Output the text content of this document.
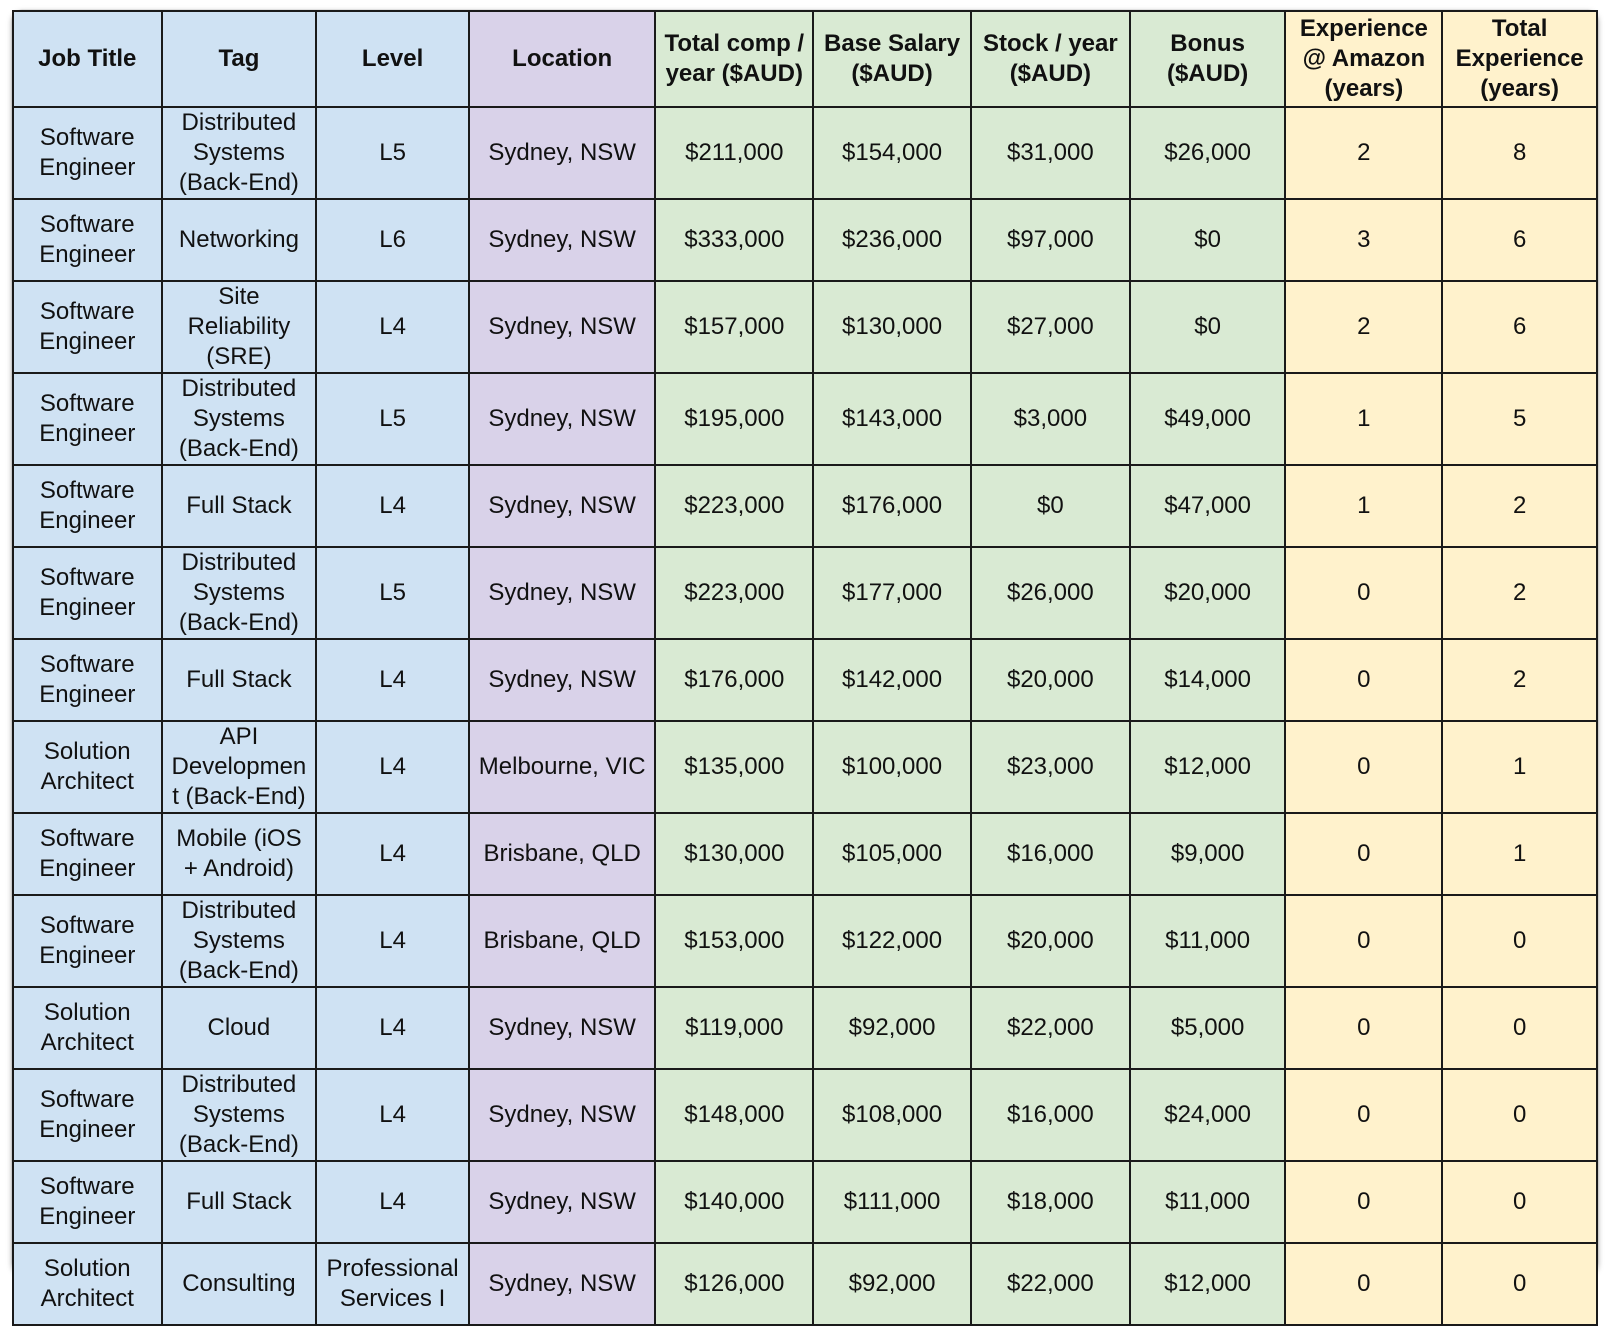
Job Title	Tag	Level	Location	Total comp / year ($AUD)	Base Salary ($AUD)	Stock / year ($AUD)	Bonus ($AUD)	Experience @ Amazon (years)	Total Experience (years)
Software Engineer	Distributed Systems (Back-End)	L5	Sydney, NSW	$211,000	$154,000	$31,000	$26,000	2	8
Software Engineer	Networking	L6	Sydney, NSW	$333,000	$236,000	$97,000	$0	3	6
Software Engineer	Site Reliability (SRE)	L4	Sydney, NSW	$157,000	$130,000	$27,000	$0	2	6
Software Engineer	Distributed Systems (Back-End)	L5	Sydney, NSW	$195,000	$143,000	$3,000	$49,000	1	5
Software Engineer	Full Stack	L4	Sydney, NSW	$223,000	$176,000	$0	$47,000	1	2
Software Engineer	Distributed Systems (Back-End)	L5	Sydney, NSW	$223,000	$177,000	$26,000	$20,000	0	2
Software Engineer	Full Stack	L4	Sydney, NSW	$176,000	$142,000	$20,000	$14,000	0	2
Solution Architect	API Developmen t (Back-End)	L4	Melbourne, VIC	$135,000	$100,000	$23,000	$12,000	0	1
Software Engineer	Mobile (iOS + Android)	L4	Brisbane, QLD	$130,000	$105,000	$16,000	$9,000	0	1
Software Engineer	Distributed Systems (Back-End)	L4	Brisbane, QLD	$153,000	$122,000	$20,000	$11,000	0	0
Solution Architect	Cloud	L4	Sydney, NSW	$119,000	$92,000	$22,000	$5,000	0	0
Software Engineer	Distributed Systems (Back-End)	L4	Sydney, NSW	$148,000	$108,000	$16,000	$24,000	0	0
Software Engineer	Full Stack	L4	Sydney, NSW	$140,000	$111,000	$18,000	$11,000	0	0
Solution Architect	Consulting	Professional Services I	Sydney, NSW	$126,000	$92,000	$22,000	$12,000	0	0
